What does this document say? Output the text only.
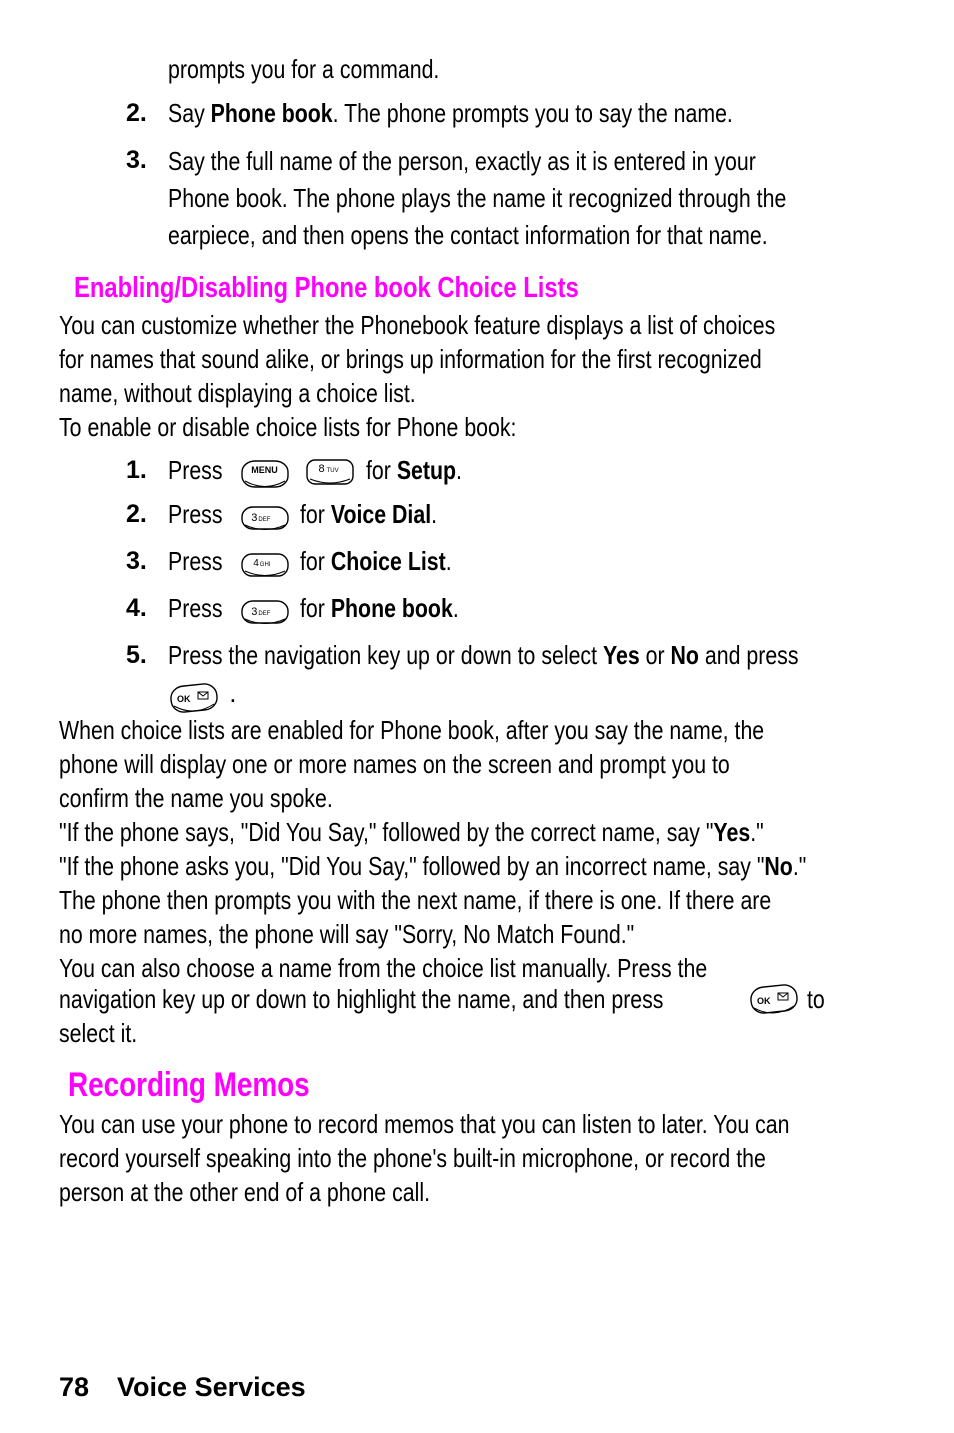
prompts you for a command.
2. Say Phone book. The phone prompts you to say the name.
3. Say the full name of the person, exactly as it is entered in your
Phone book. The phone plays the name it recognized through the
earpiece, and then opens the contact information for that name.
Enabling/Disabling Phone book Choice Lists
You can customize whether the Phonebook feature displays a list of choices
for names that sound alike, or brings up information for the first recognized
name, without displaying a choice list.
To enable or disable choice lists for Phone book:
1. Press	MENU
	8 TUV for Setup.
2. Press	3DEF for Voice Dial.
3. Press	4GHI for Choice List.
4. Press	3DEF for Phone book.
5. Press the navigation key up or down to select Yes or No and press
OK .
When choice lists are enabled for Phone book, after you say the name, the
phone will display one or more names on the screen and prompt you to
confirm the name you spoke.
"If the phone says, "Did You Say," followed by the correct name, say "Yes."
"If the phone asks you, "Did You Say," followed by an incorrect name, say "No."
The phone then prompts you with the next name, if there is one. If there are
no more names, the phone will say "Sorry, No Match Found."
You can also choose a name from the choice list manually. Press the
navigation key up or down to highlight the name, and then press	OK to
select it.
Recording Memos
You can use your phone to record memos that you can listen to later. You can
record yourself speaking into the phone's built-in microphone, or record the
person at the other end of a phone call.
78 Voice Services
